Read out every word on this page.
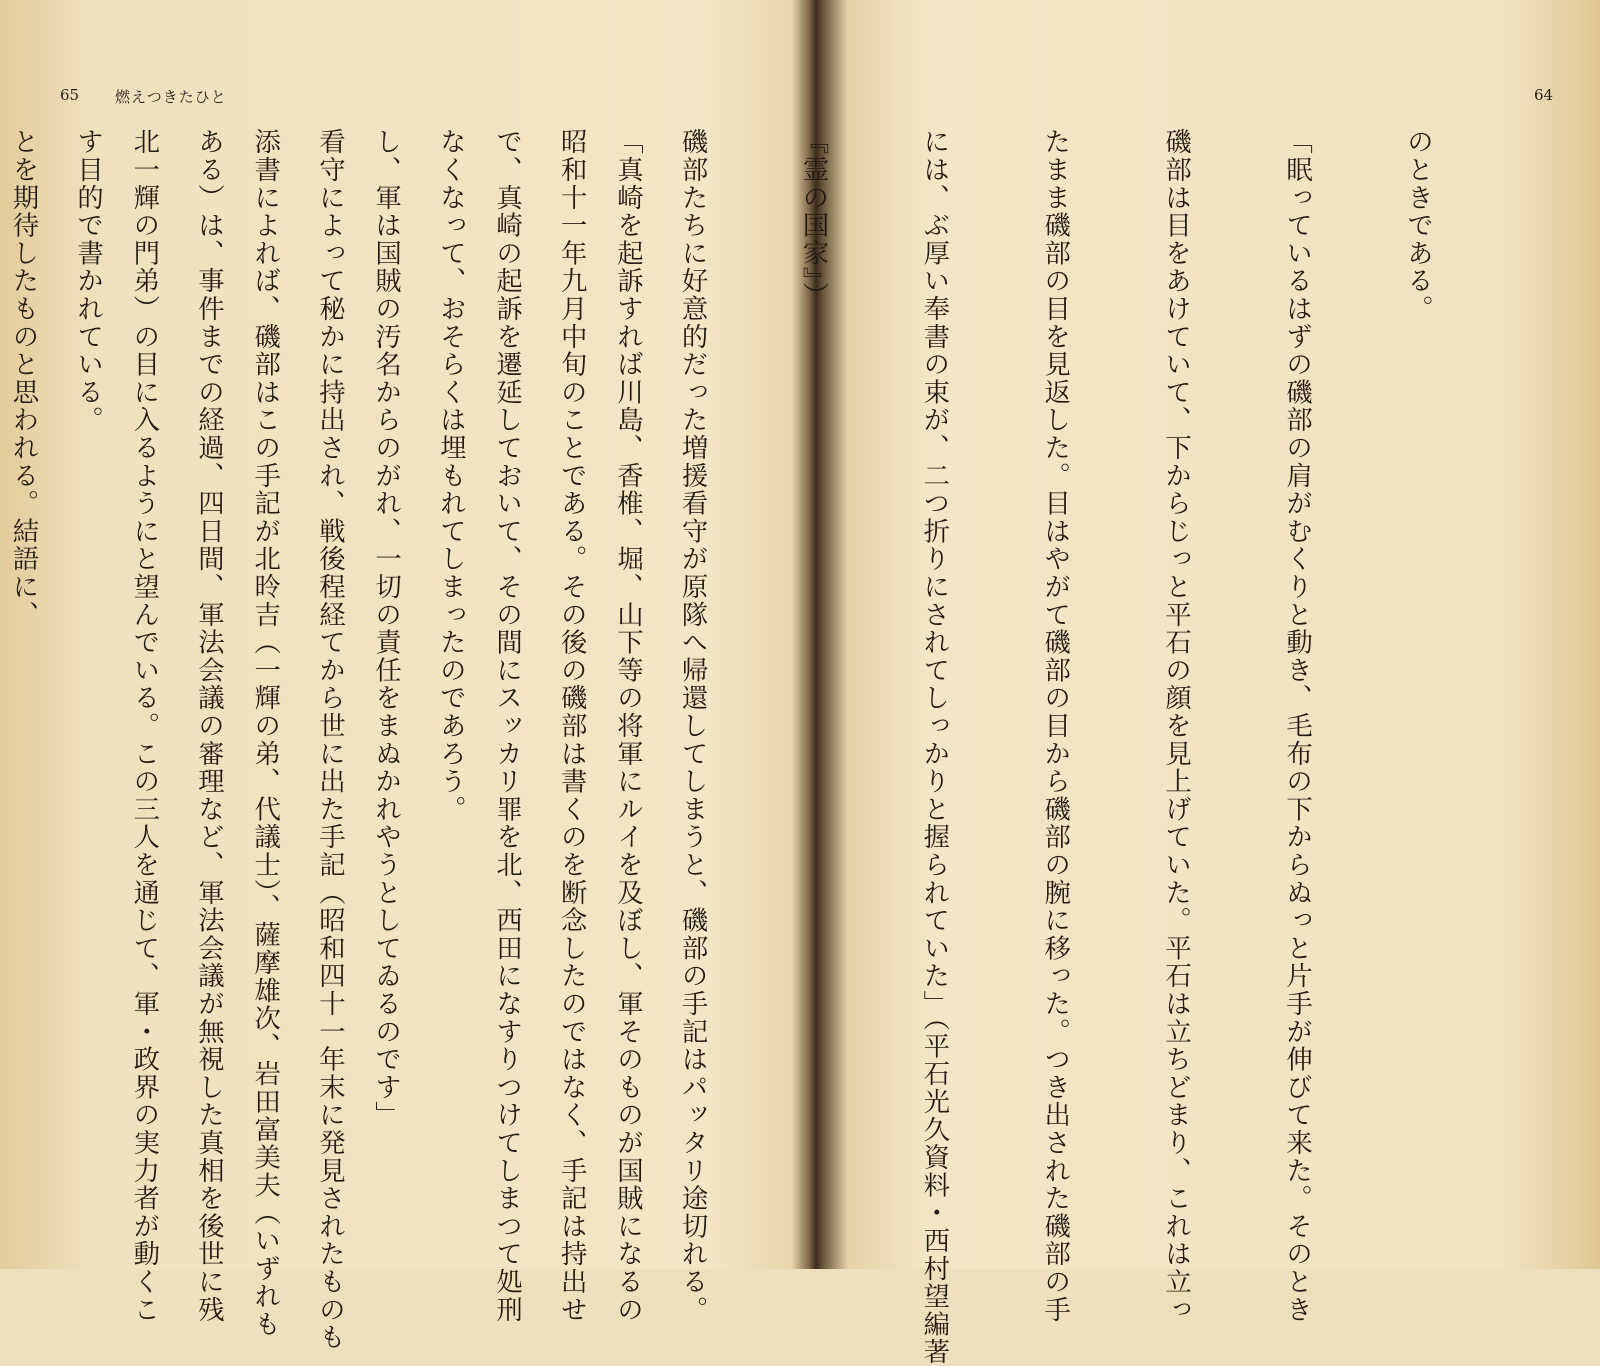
65 燃えつきたひと

「真崎を起訴すれば川島、香椎、堀、山下等の将軍にルイを及ぼし、軍そのものが国賊になるの

で、真崎の起訴を遷延しておいて、その間にスッカリ罪を北、西田になすりつけてしまつて処刑

し、軍は国賊の汚名からのがれ、一切の責任をまぬかれやうとしてゐるのです」

添書によれば、磯部はこの手記が北昤吉（一輝の弟、代議士）、薩摩雄次、岩田富美夫（いずれも

北一輝の門弟）の目に入るようにと望んでいる。この三人を通じて、軍・政界の実力者が動くこ

とを期待したものと思われる。結語に、

64

のときである。

「眠っているはずの磯部の肩がむくりと動き、毛布の下からぬっと片手が伸びて来た。そのとき

磯部は目をあけていて、下からじっと平石の顔を見上げていた。平石は立ちどまり、これは立っ

たまま磯部の目を見返した。目はやがて磯部の目から磯部の腕に移った。つき出された磯部の手

には、ぶ厚い奉書の束が、二つ折りにされてしっかりと握られていた」（平石光久資料・西村望編著

『霊の国家』）

磯部たちに好意的だった増援看守が原隊へ帰還してしまうと、磯部の手記はパッタリ途切れる。

昭和十一年九月中旬のことである。その後の磯部は書くのを断念したのではなく、手記は持出せ

なくなって、おそらくは埋もれてしまったのであろう。

看守によって秘かに持出され、戦後程経てから世に出た手記（昭和四十一年末に発見されたものも

ある）は、事件までの経過、四日間、軍法会議の審理など、軍法会議が無視した真相を後世に残

す目的で書かれている。
